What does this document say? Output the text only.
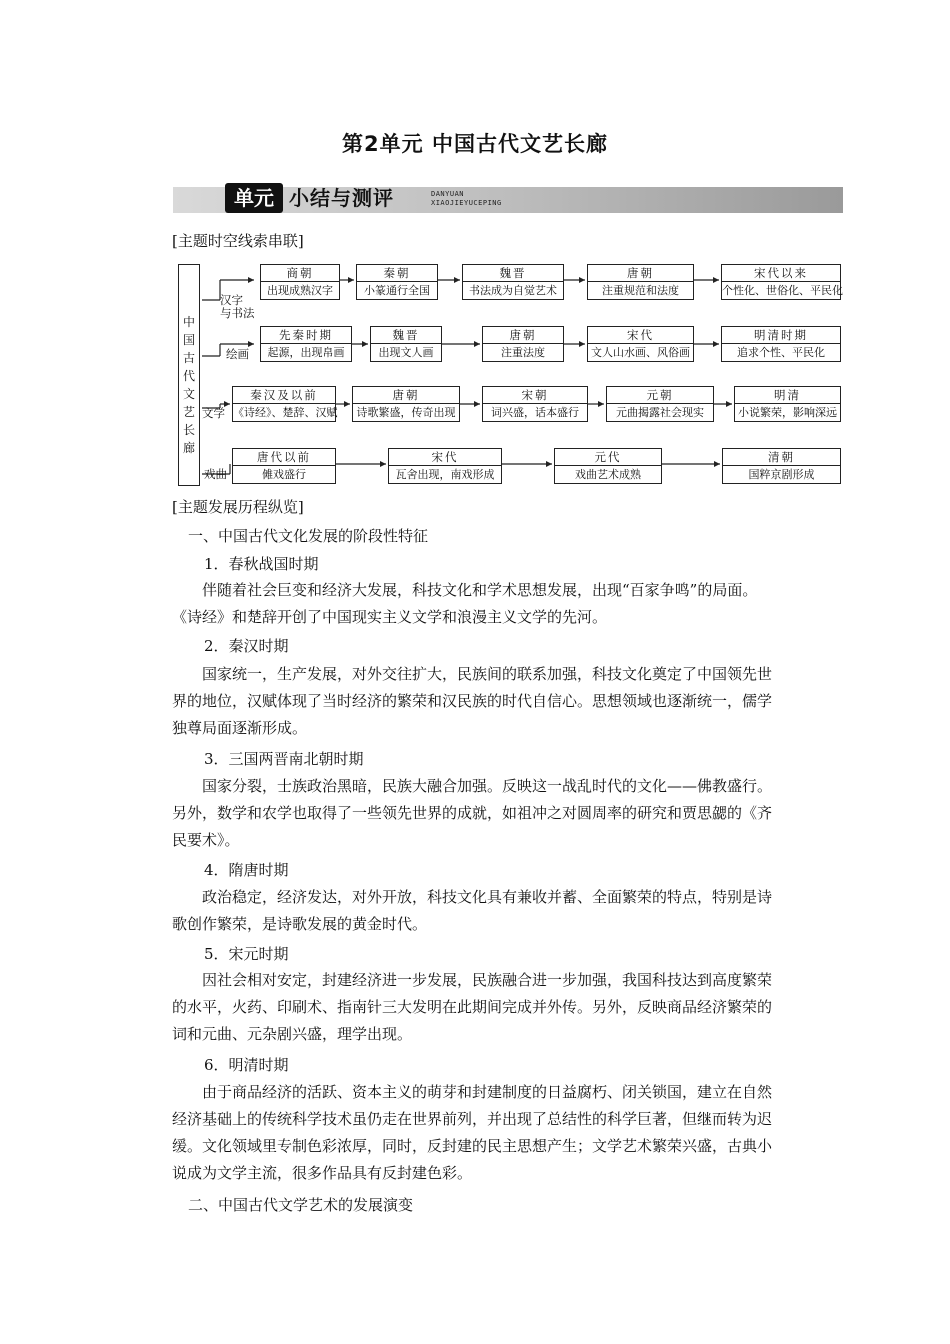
第2单元 中国古代文艺长廊
单元 小结与测评	DANYUAN
XIAOJIEYUCEPING
[主题时空线索串联]
中
国
古
代
文
艺
长
廊
汉字
与书法
商朝
出现成熟汉字
秦朝
小篆通行全国
魏晋
书法成为自觉艺术
唐朝
注重规范和法度
宋代以来
个性化、世俗化、平民化
绘画
先秦时期
起源，出现帛画
魏晋
出现文人画
唐朝
注重法度
宋代
文人山水画、风俗画
明清时期
追求个性、平民化
文学
秦汉及以前
《诗经》、楚辞、汉赋
唐朝
诗歌繁盛，传奇出现
宋朝
词兴盛，话本盛行
元朝
元曲揭露社会现实
明清
小说繁荣，影响深远
戏曲
唐代以前
傩戏盛行
宋代
瓦舍出现，南戏形成
元代
戏曲艺术成熟
清朝
国粹京剧形成
[主题发展历程纵览]
一、中国古代文化发展的阶段性特征
1．春秋战国时期
伴随着社会巨变和经济大发展，科技文化和学术思想发展，出现“百家争鸣”的局面。
《诗经》和楚辞开创了中国现实主义文学和浪漫主义文学的先河。
2．秦汉时期
国家统一，生产发展，对外交往扩大，民族间的联系加强，科技文化奠定了中国领先世
界的地位，汉赋体现了当时经济的繁荣和汉民族的时代自信心。思想领域也逐渐统一，儒学
独尊局面逐渐形成。
3．三国两晋南北朝时期
国家分裂，士族政治黑暗，民族大融合加强。反映这一战乱时代的文化——佛教盛行。
另外，数学和农学也取得了一些领先世界的成就，如祖冲之对圆周率的研究和贾思勰的《齐
民要术》。
4．隋唐时期
政治稳定，经济发达，对外开放，科技文化具有兼收并蓄、全面繁荣的特点，特别是诗
歌创作繁荣，是诗歌发展的黄金时代。
5．宋元时期
因社会相对安定，封建经济进一步发展，民族融合进一步加强，我国科技达到高度繁荣
的水平，火药、印刷术、指南针三大发明在此期间完成并外传。另外，反映商品经济繁荣的
词和元曲、元杂剧兴盛，理学出现。
6．明清时期
由于商品经济的活跃、资本主义的萌芽和封建制度的日益腐朽、闭关锁国，建立在自然
经济基础上的传统科学技术虽仍走在世界前列，并出现了总结性的科学巨著，但继而转为迟
缓。文化领域里专制色彩浓厚，同时，反封建的民主思想产生；文学艺术繁荣兴盛，古典小
说成为文学主流，很多作品具有反封建色彩。
二、中国古代文学艺术的发展演变
